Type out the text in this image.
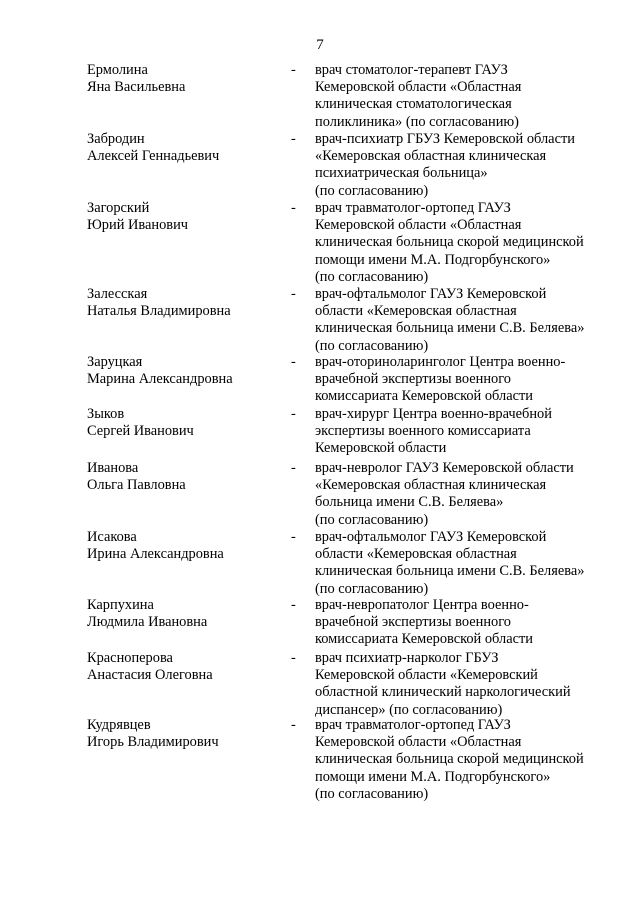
7
Ермолина
Яна Васильевна
-	врач стоматолог-терапевт ГАУЗ
Кемеровской области «Областная
клиническая стоматологическая
поликлиника» (по согласованию)
Забродин
Алексей Геннадьевич
-	врач-психиатр ГБУЗ Кемеровской области
«Кемеровская областная клиническая
психиатрическая больница»
(по согласованию)
Загорский
Юрий Иванович
-	врач травматолог-ортопед ГАУЗ
Кемеровской области «Областная
клиническая больница скорой медицинской
помощи имени М.А. Подгорбунского»
(по согласованию)
Залесская
Наталья Владимировна
-	врач-офтальмолог ГАУЗ Кемеровской
области «Кемеровская областная
клиническая больница имени С.В. Беляева»
(по согласованию)
Заруцкая
Марина Александровна
-	врач-оториноларинголог Центра военно-
врачебной экспертизы военного
комиссариата Кемеровской области
Зыков
Сергей Иванович
-	врач-хирург Центра военно-врачебной
экспертизы военного комиссариата
Кемеровской области
Иванова
Ольга Павловна
-	врач-невролог ГАУЗ Кемеровской области
«Кемеровская областная клиническая
больница имени С.В. Беляева»
(по согласованию)
Исакова
Ирина Александровна
-	врач-офтальмолог ГАУЗ Кемеровской
области «Кемеровская областная
клиническая больница имени С.В. Беляева»
(по согласованию)
Карпухина
Людмила Ивановна
-	врач-невропатолог Центра военно-
врачебной экспертизы военного
комиссариата Кемеровской области
Красноперова
Анастасия Олеговна
-	врач психиатр-нарколог ГБУЗ
Кемеровской области «Кемеровский
областной клинический наркологический
диспансер» (по согласованию)
Кудрявцев
Игорь Владимирович
-	врач травматолог-ортопед ГАУЗ
Кемеровской области «Областная
клиническая больница скорой медицинской
помощи имени М.А. Подгорбунского»
(по согласованию)
